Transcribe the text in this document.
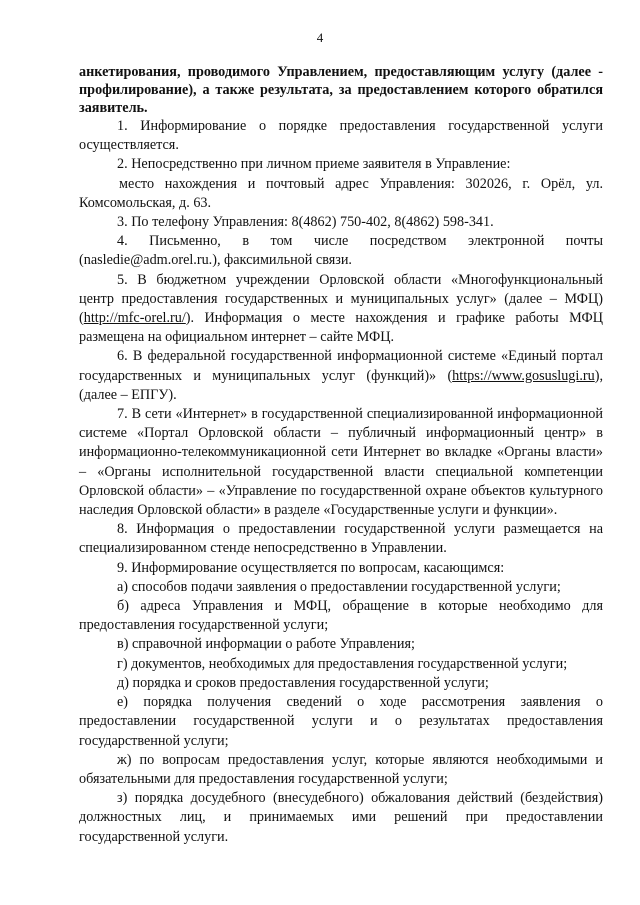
4

анкетирования, проводимого Управлением, предоставляющим услугу (далее - профилирование), а также результата, за предоставлением которого обратился заявитель.

1. Информирование о порядке предоставления государственной услуги осуществляется.

2. Непосредственно при личном приеме заявителя в Управление:

место нахождения и почтовый адрес Управления: 302026, г. Орёл, ул. Комсомольская, д. 63.

3. По телефону Управления: 8(4862) 750-402, 8(4862) 598-341.

4. Письменно, в том числе посредством электронной почты (nasledie@adm.orel.ru.), факсимильной связи.

5. В бюджетном учреждении Орловской области «Многофункциональный центр предоставления государственных и муниципальных услуг» (далее – МФЦ) (http://mfc-orel.ru/). Информация о месте нахождения и графике работы МФЦ размещена на официальном интернет – сайте МФЦ.

6. В федеральной государственной информационной системе «Единый портал государственных и муниципальных услуг (функций)» (https://www.gosuslugi.ru), (далее – ЕПГУ).

7. В сети «Интернет» в государственной специализированной информационной системе «Портал Орловской области – публичный информационный центр» в информационно-телекоммуникационной сети Интернет во вкладке «Органы власти» – «Органы исполнительной государственной власти специальной компетенции Орловской области» – «Управление по государственной охране объектов культурного наследия Орловской области» в разделе «Государственные услуги и функции».

8. Информация о предоставлении государственной услуги размещается на специализированном стенде непосредственно в Управлении.

9. Информирование осуществляется по вопросам, касающимся:

а) способов подачи заявления о предоставлении государственной услуги;

б) адреса Управления и МФЦ, обращение в которые необходимо для предоставления государственной услуги;

в) справочной информации о работе Управления;

г) документов, необходимых для предоставления государственной услуги;

д) порядка и сроков предоставления государственной услуги;

е) порядка получения сведений о ходе рассмотрения заявления о предоставлении государственной услуги и о результатах предоставления государственной услуги;

ж) по вопросам предоставления услуг, которые являются необходимыми и обязательными для предоставления государственной услуги;

з) порядка досудебного (внесудебного) обжалования действий (бездействия) должностных лиц, и принимаемых ими решений при предоставлении государственной услуги.
